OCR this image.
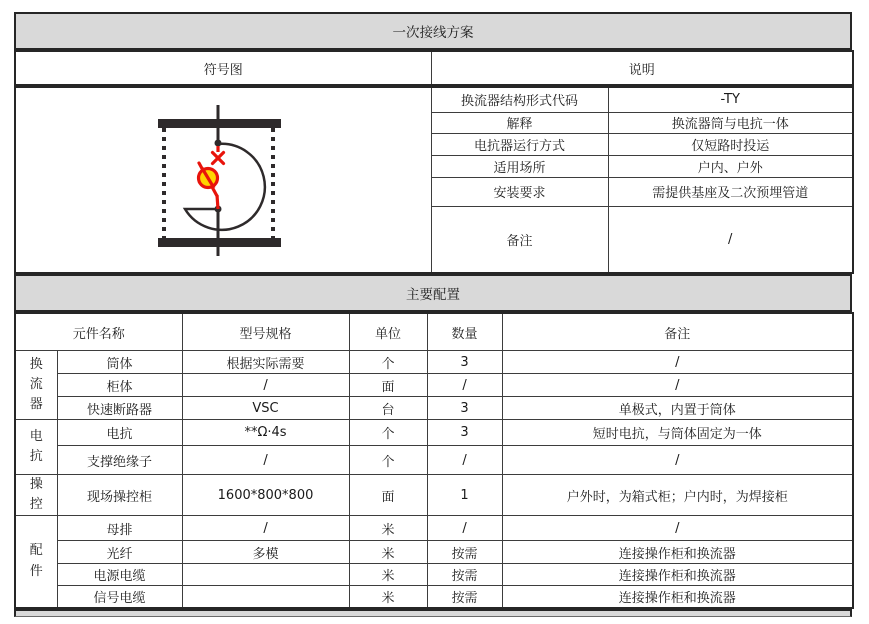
一次接线方案
符号图	说明
	换流器结构形式代码	-TY
	解释	换流器筒与电抗一体
	电抗器运行方式	仅短路时投运
	适用场所	户内、户外
	安装要求	需提供基座及二次预埋管道
	备注	/
主要配置
元件名称		型号规格	单位	数量	备注
换流器	筒体	根据实际需要	个	3	/
	柜体	/	面	/	/
	快速断路器	VSC	台	3	单极式，内置于筒体
电抗	电抗	**Ω·4s	个	3	短时电抗，与筒体固定为一体
	支撑绝缘子	/	个	/	/
操控	现场操控柜	1600*800*800	面	1	户外时，为箱式柜；户内时，为焊接柜
配件	母排	/	米	/	/
	光纤	多模	米	按需	连接操作柜和换流器
	电源电缆		米	按需	连接操作柜和换流器
	信号电缆		米	按需	连接操作柜和换流器
